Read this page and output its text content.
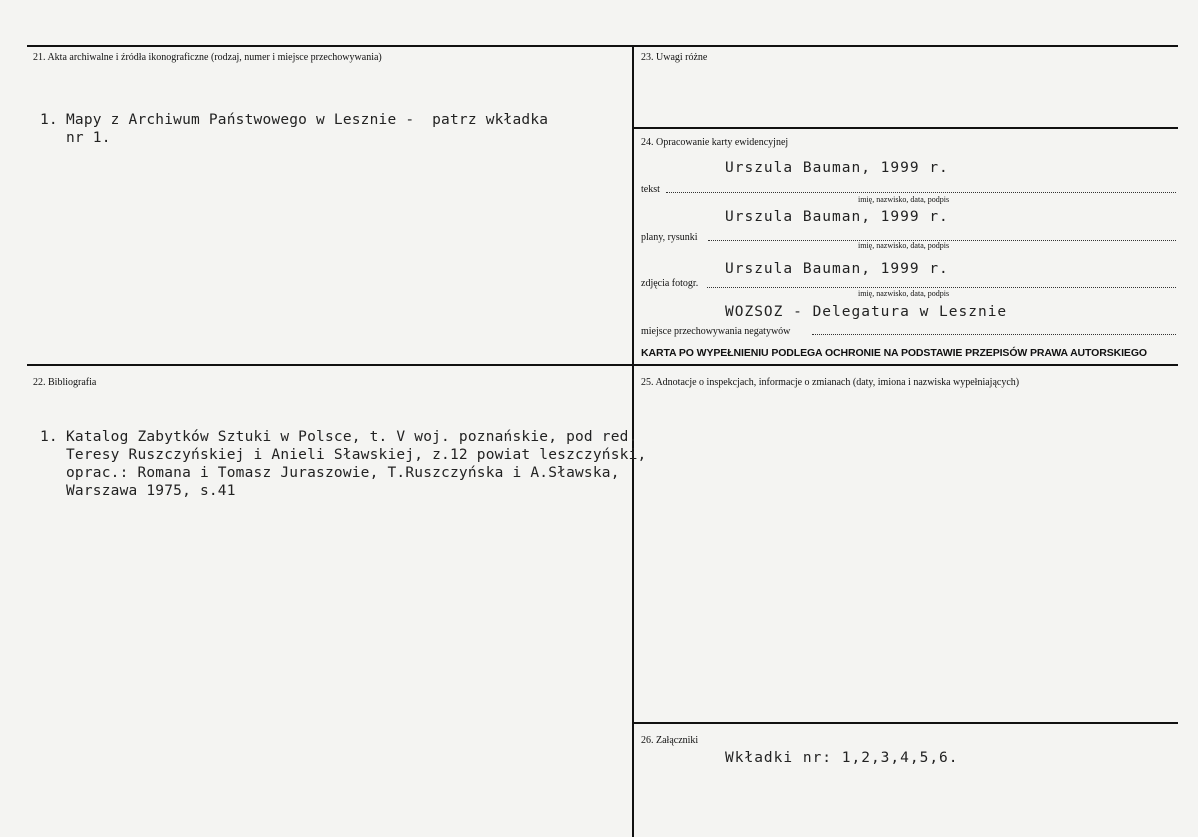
21. Akta archiwalne i źródła ikonograficzne (rodzaj, numer i miejsce przechowywania)

1. Mapy z Archiwum Państwowego w Lesznie -  patrz wkładka
nr 1.

22. Bibliografia

1. Katalog Zabytków Sztuki w Polsce, t. V woj. poznańskie, pod red.
Teresy Ruszczyńskiej i Anieli Sławskiej, z.12 powiat leszczyński,
oprac.: Romana i Tomasz Juraszowie, T.Ruszczyńska i A.Sławska,
Warszawa 1975, s.41

23. Uwagi różne
24. Opracowanie karty ewidencyjnej
Urszula Bauman, 1999 r.
tekst
imię, nazwisko, data, podpis
Urszula Bauman, 1999 r.
plany, rysunki
imię, nazwisko, data, podpis
Urszula Bauman, 1999 r.
zdjęcia fotogr.
imię, nazwisko, data, podpis
WOZSOZ - Delegatura w Lesznie
miejsce przechowywania negatywów
KARTA PO WYPEŁNIENIU PODLEGA OCHRONIE NA PODSTAWIE PRZEPISÓW PRAWA AUTORSKIEGO
25. Adnotacje o inspekcjach, informacje o zmianach (daty, imiona i nazwiska wypełniających)
26. Załączniki
Wkładki nr: 1,2,3,4,5,6.
